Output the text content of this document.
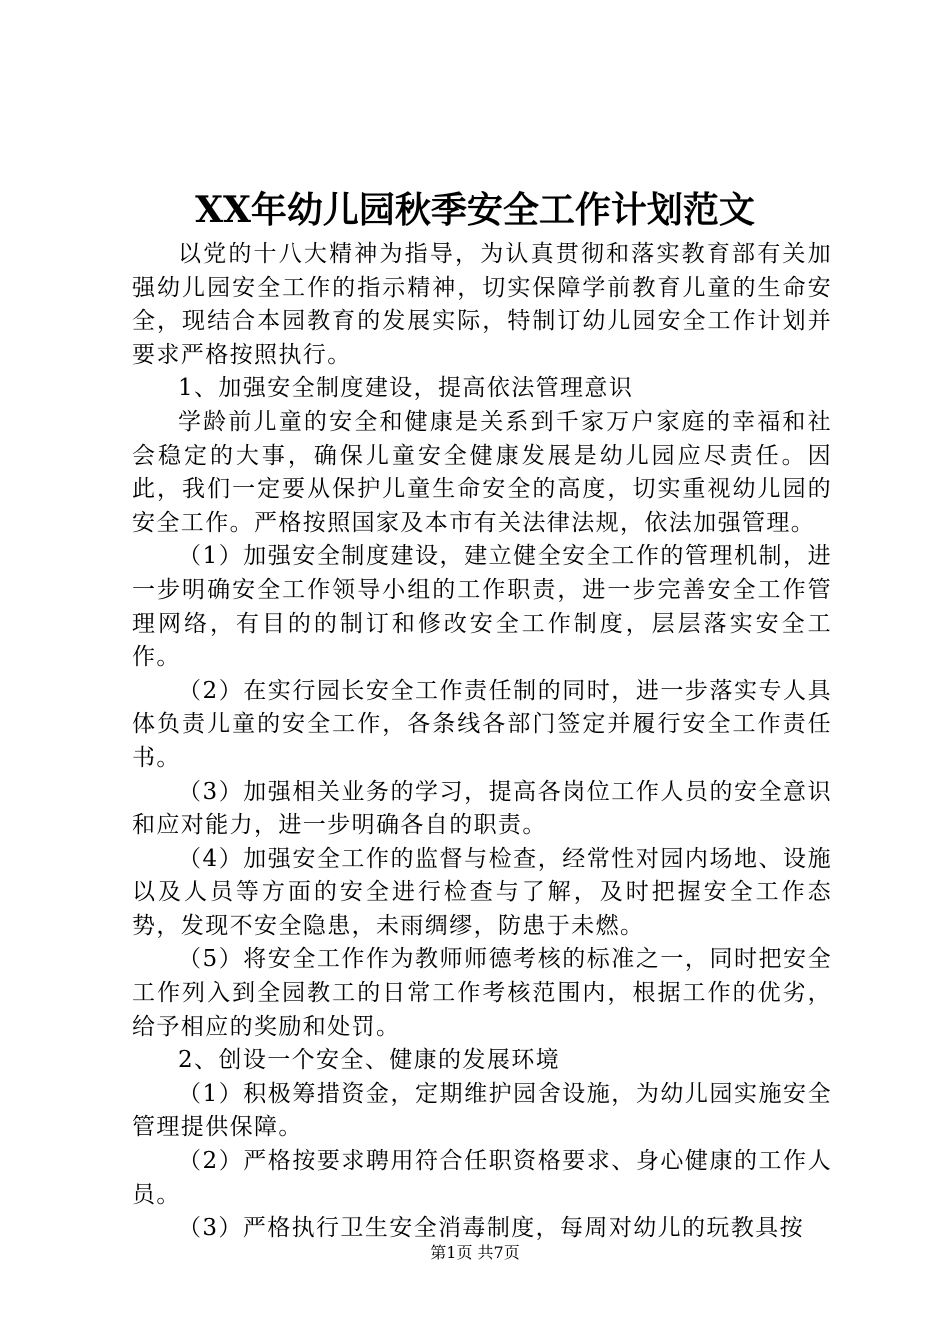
XX年幼儿园秋季安全工作计划范文

以党的十八大精神为指导，为认真贯彻和落实教育部有关加强幼儿园安全工作的指示精神，切实保障学前教育儿童的生命安全，现结合本园教育的发展实际，特制订幼儿园安全工作计划并要求严格按照执行。

1、加强安全制度建设，提高依法管理意识

学龄前儿童的安全和健康是关系到千家万户家庭的幸福和社会稳定的大事，确保儿童安全健康发展是幼儿园应尽责任。因此，我们一定要从保护儿童生命安全的高度，切实重视幼儿园的安全工作。严格按照国家及本市有关法律法规，依法加强管理。

（1）加强安全制度建设，建立健全安全工作的管理机制，进一步明确安全工作领导小组的工作职责，进一步完善安全工作管理网络，有目的的制订和修改安全工作制度，层层落实安全工作。

（2）在实行园长安全工作责任制的同时，进一步落实专人具体负责儿童的安全工作，各条线各部门签定并履行安全工作责任书。

（3）加强相关业务的学习，提高各岗位工作人员的安全意识和应对能力，进一步明确各自的职责。

（4）加强安全工作的监督与检查，经常性对园内场地、设施以及人员等方面的安全进行检查与了解，及时把握安全工作态势，发现不安全隐患，未雨绸缪，防患于未燃。

（5）将安全工作作为教师师德考核的标准之一，同时把安全工作列入到全园教工的日常工作考核范围内，根据工作的优劣，给予相应的奖励和处罚。

2、创设一个安全、健康的发展环境

（1）积极筹措资金，定期维护园舍设施，为幼儿园实施安全管理提供保障。

（2）严格按要求聘用符合任职资格要求、身心健康的工作人员。

（3）严格执行卫生安全消毒制度，每周对幼儿的玩教具按

第1页 共7页
